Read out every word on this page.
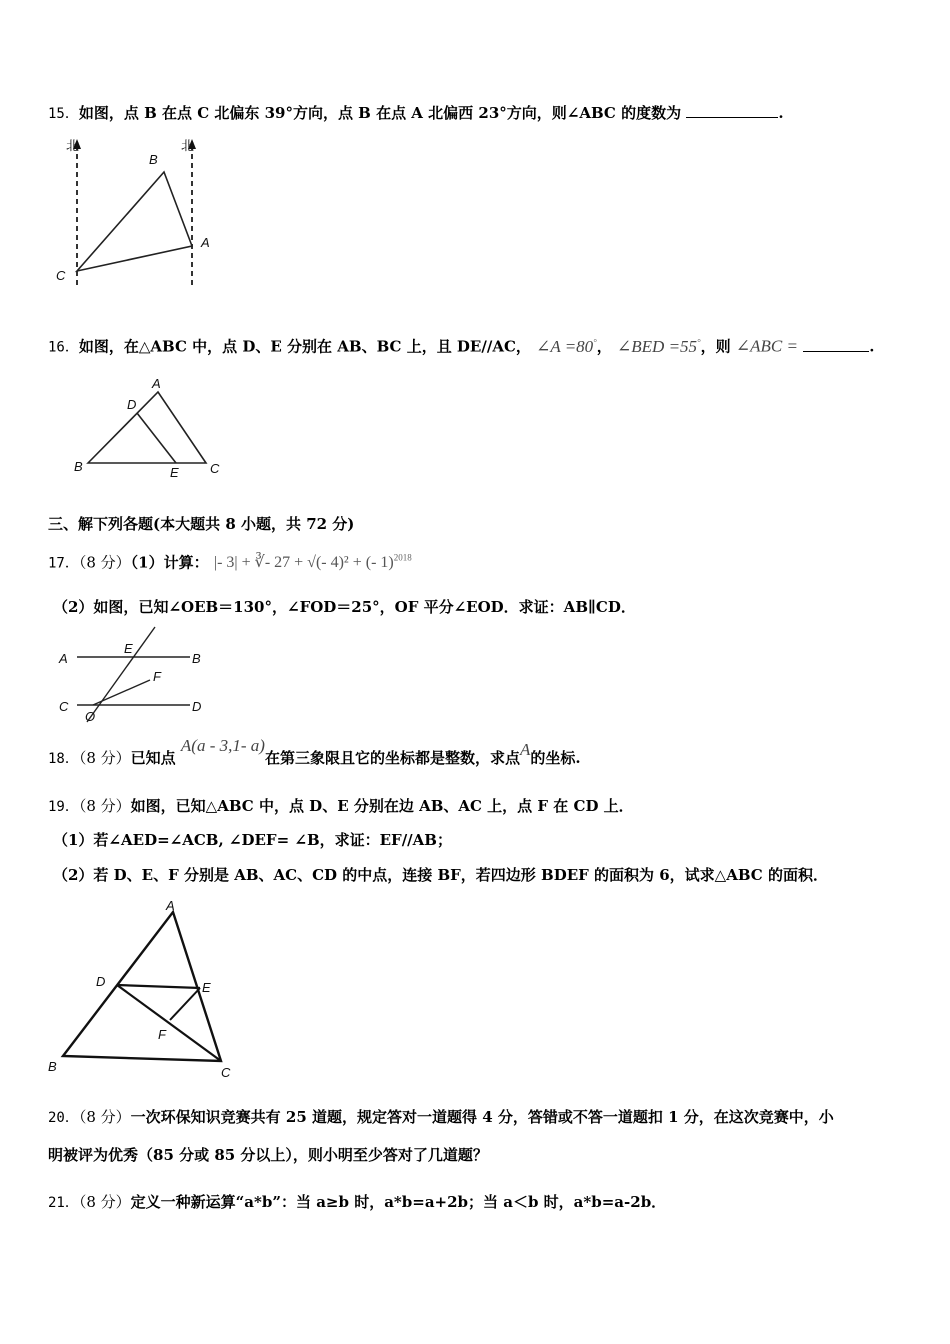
15．如图，点 B 在点 C 北偏东 39°方向，点 B 在点 A 北偏西 23°方向，则∠ABC 的度数为	.
北	北
B
A
C
16．如图，在△ABC 中，点 D、E 分别在 AB、BC 上，且 DE//AC， ∠A =80°， ∠BED =55°，则 ∠ABC =	.
A
D
B	E C
三、解下列各题(本大题共 8 小题，共 72 分)
17．（8 分）（1）计算： |- 3| + ∛- 27 + √(- 4)² + (- 1)$^{2018}$
（2）如图，已知∠OEB＝130°，∠FOD＝25°，OF 平分∠EOD．求证：AB∥CD．
A
E
B
F
C
O
D
18．（8 分）已知点 A(a - 3,1- a)在第三象限且它的坐标都是整数，求点A的坐标.
19．（8 分）如图，已知△ABC 中，点 D、E 分别在边 AB、AC 上，点 F 在 CD 上．
（1）若∠AED=∠ACB, ∠DEF= ∠B，求证：EF//AB；
（2）若 D、E、F 分别是 AB、AC、CD 的中点，连接 BF，若四边形 BDEF 的面积为 6，试求△ABC 的面积．
A
D	E
F
B	C
20．（8 分）一次环保知识竞赛共有 25 道题，规定答对一道题得 4 分，答错或不答一道题扣 1 分，在这次竞赛中，小
明被评为优秀（85 分或 85 分以上），则小明至少答对了几道题？
21．（8 分）定义一种新运算“a*b”：当 a≥b 时，a*b=a+2b；当 a＜b 时，a*b=a-2b．
